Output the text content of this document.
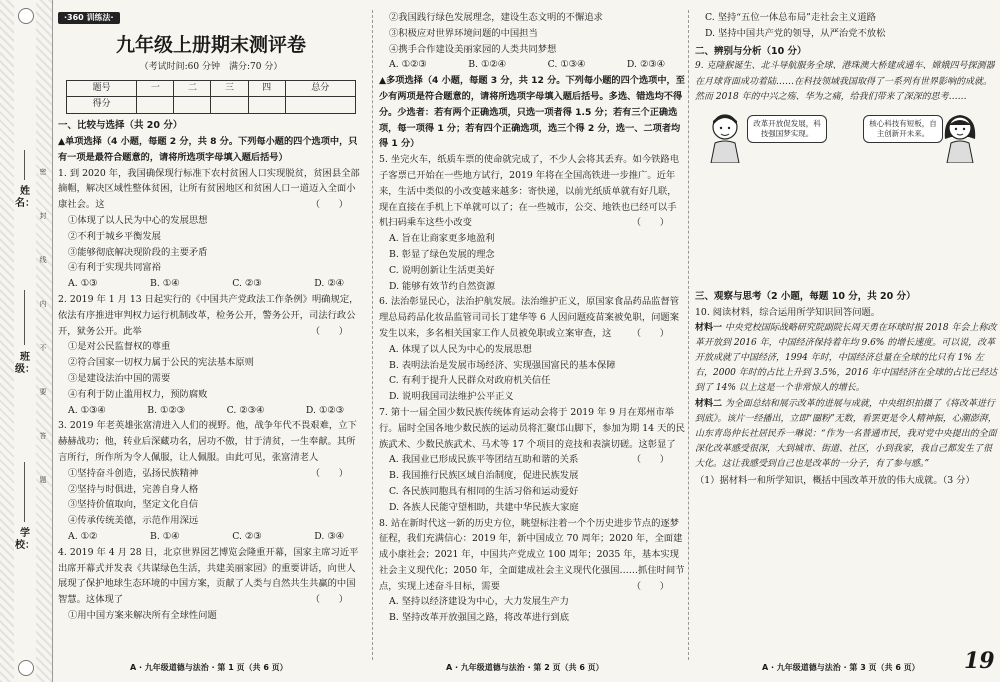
姓名：
班级：
学校：
密
封
线
内
不
要
答
题
·360 训练法·
九年级上册期末测评卷
（考试时间:60 分钟　满分:70 分）
题号	一	二	三	四	总分
得分					
一、比较与选择（共 20 分）
▲单项选择（4 小题，每题 2 分，共 8 分。下列每小题的四个选项中，只有一项是最符合题意的，请将所选项字母填入题后括号）
1. 到 2020 年，我国确保现行标准下农村贫困人口实现脱贫，贫困县全部摘帽，解决区域性整体贫困，让所有贫困地区和贫困人口一道迈入全面小康社会。这	（　　）
①体现了以人民为中心的发展思想
②不利于城乡平衡发展
③能够彻底解决现阶段的主要矛盾
④有利于实现共同富裕
A. ①③	B. ①④	C. ②③	D. ②④
2. 2019 年 1 月 13 日起实行的《中国共产党政法工作条例》明确规定，依法有序推进审判权力运行机制改革，检务公开，警务公开，司法行政公开，狱务公开。此举	（　　）
①是对公民监督权的尊重
②符合国家一切权力属于公民的宪法基本原则
③是建设法治中国的需要
④有利于防止滥用权力，预防腐败
A. ①③④	B. ①②③	C. ②③④	D. ①②③
3. 2019 年老英雄张富清进入人们的视野。他，战争年代不畏艰难，立下赫赫战功；他，转业后深藏功名，居功不傲，甘于清贫，一生奉献。其所言所行，所作所为令人佩服，让人佩服。由此可见，张富清老人
（　　）
①坚持奋斗创造，弘扬民族精神
②坚持与时俱进，完善自身人格
③坚持价值取向，坚定文化自信
④传承传统美德，示范作用深远
A. ①②	B. ①④	C. ②③	D. ③④
4. 2019 年 4 月 28 日，北京世界园艺博览会隆重开幕，国家主席习近平出席开幕式并发表《共谋绿色生活，共建美丽家园》的重要讲话，向世人展现了保护地球生态环境的中国方案，贡献了人类与自然共生共赢的中国智慧。这体现了	（　　）
①用中国方案来解决所有全球性问题
②我国践行绿色发展理念，建设生态文明的不懈追求
③积极应对世界环境问题的中国担当
④携手合作建设美丽家园的人类共同梦想
A. ①②③	B. ①②④	C. ①③④	D. ②③④
▲多项选择（4 小题，每题 3 分，共 12 分。下列每小题的四个选项中，至少有两项是符合题意的，请将所选项字母填入题后括号。多选、错选均不得分。少选者：若有两个正确选项，只选一项者得 1.5 分；若有三个正确选项，每一项得 1 分；若有四个正确选项，选三个得 2 分，选一、二项者均得 1 分）
5. 坐完火车，纸质车票的使命就完成了，不少人会将其丢弃。如今铁路电子客票已开始在一些地方试行，2019 年将在全国高铁进一步推广。近年来，生活中类似的小改变越来越多：寄快递，以前光纸质单就有好几联，现在直接在手机上下单就可以了；在一些城市，公交、地铁也已经可以手机扫码乘车这些小改变	（　　）
A. 旨在让商家更多地盈利
B. 彰显了绿色发展的理念
C. 说明创新让生活更美好
D. 能够有效节约自然资源
6. 法治彰显民心，法治护航发展。法治维护正义，原国家食品药品监督管理总局药品化妆品监管司司长丁建华等 6 人因问题疫苗案被免职，问题案发生以来，多名相关国家工作人员被免职或立案审查，这 （　　）
A. 体现了以人民为中心的发展思想
B. 表明法治是发展市场经济、实现强国富民的基本保障
C. 有利于提升人民群众对政府机关信任
D. 说明我国司法维护公平正义
7. 第十一届全国少数民族传统体育运动会将于 2019 年 9 月在郑州市举行。届时全国各地少数民族的运动员将汇聚邙山脚下，参加为期 14 天的民族武术、少数民族武术、马术等 17 个项目的竞技和表演切磋。这彰显了
（　　）
A. 我国业已形成民族平等团结互助和谐的关系
B. 我国推行民族区域自治制度，促进民族发展
C. 各民族同胞具有相同的生活习俗和运动爱好
D. 各族人民能守望相助，共建中华民族大家庭
8. 站在新时代这一新的历史方位，眺望标注着一个个历史进步节点的逐梦征程，我们充满信心：2019 年，新中国成立 70 周年；2020 年，全面建成小康社会；2021 年，中国共产党成立 100 周年；2035 年，基本实现社会主义现代化；2050 年，全面建成社会主义现代化强国……抓住时间节点，实现上述奋斗目标，需要	（　　）
A. 坚持以经济建设为中心，大力发展生产力
B. 坚持改革开放强国之路，将改革进行到底
C. 坚持“五位一体总布局”走社会主义道路
D. 坚持中国共产党的领导，从严治党不放松
二、辨别与分析（10 分）
9. 克隆猴诞生、北斗导航服务全球、港珠澳大桥建成通车、嫦娥四号探测器在月球背面成功着陆……在科技领域我国取得了一系列有世界影响的成就。然而 2018 年的中兴之殇、华为之痛，给我们带来了深深的思考……
改革开放促发展，科技强国梦实现。
核心科技有短板，自主创新开未来。
三、观察与思考（2 小题，每题 10 分，共 20 分）
10. 阅读材料，综合运用所学知识回答问题。
材料一 中央党校国际战略研究院副院长周天勇在环球时报 2018 年会上称改革开放到 2016 年，中国经济保持着年均 9.6% 的增长速度。可以说，改革开放成就了中国经济，1994 年时，中国经济总量在全球的比只有 1% 左右，2000 年时的占比上升到 3.5%，2016 年中国经济在全球的占比已经达到了 14% 以上这是一个非常惊人的增长。
材料二 为全面总结和展示改革的进展与成就，中央组织拍摄了《将改革进行到底》。该片一经播出，立即“圈粉”无数，看罢更是令人精神振，心潮澎湃，山东青岛仲长社居民乔一琳说：“作为一名普通市民，我对党中央提出的全面深化改革感受很深，大到城市、街道、社区，小到我家，我自己都发生了很大化。这让我感受到自己也是改革的一分子，有了参与感。”
（1）据材料一和所学知识，概括中国改革开放的伟大成就。（3 分）
A · 九年级道德与法治 · 第 1 页（共 6 页）	A · 九年级道德与法治 · 第 2 页（共 6 页）	A · 九年级道德与法治 · 第 3 页（共 6 页） 19
